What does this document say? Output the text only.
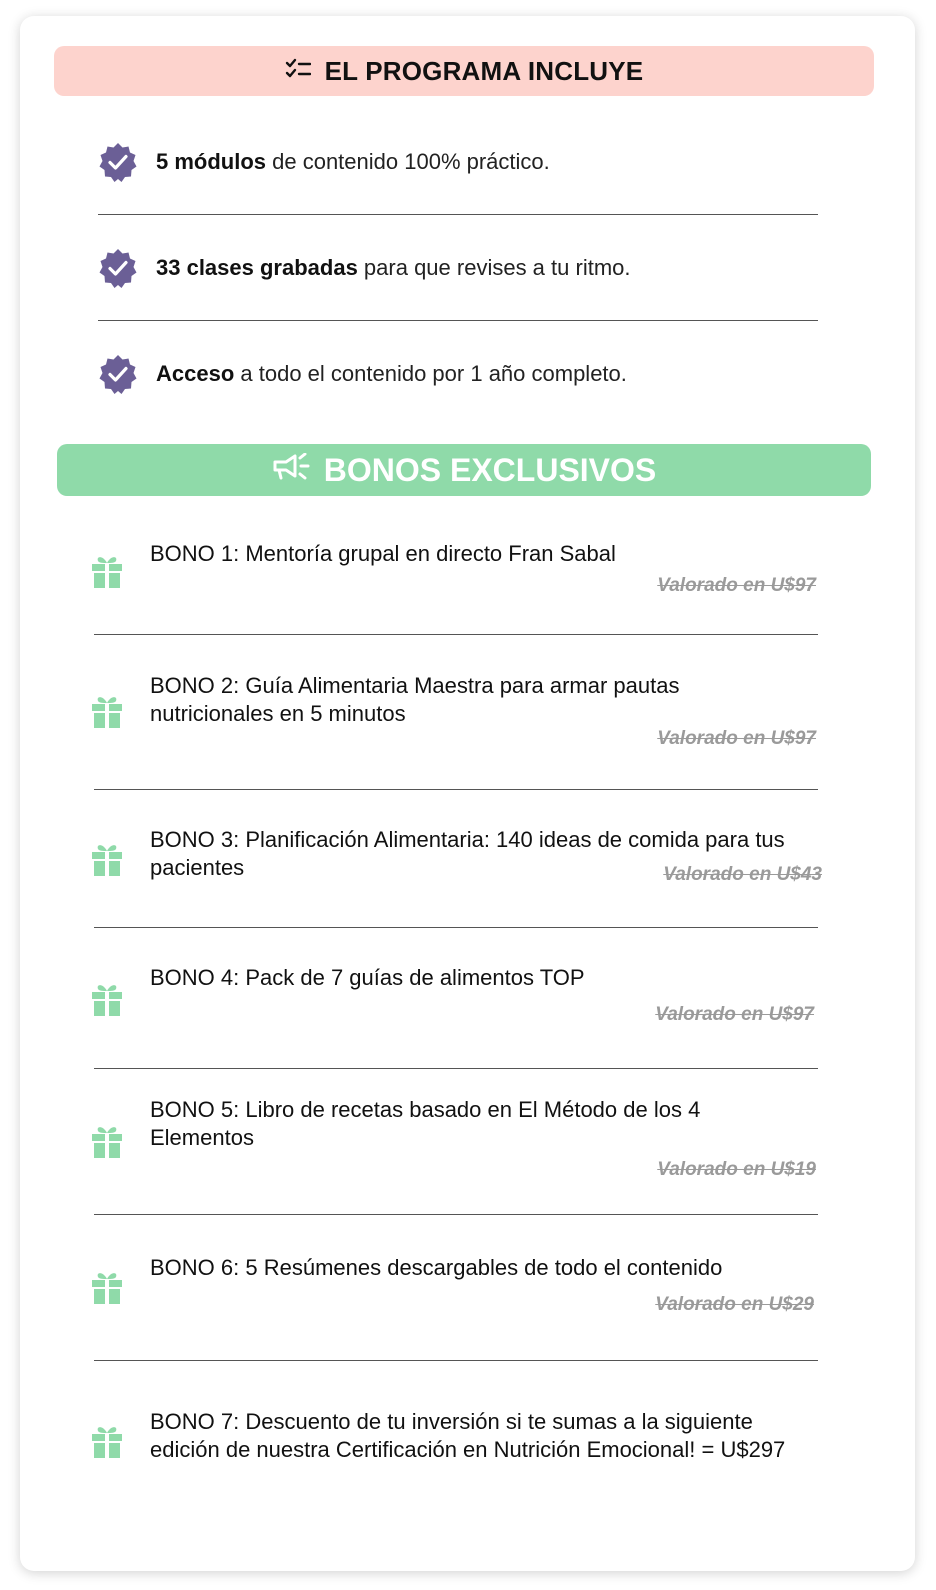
EL PROGRAMA INCLUYE
5 módulos de contenido 100% práctico.
33 clases grabadas para que revises a tu ritmo.
Acceso a todo el contenido por 1 año completo.
BONOS EXCLUSIVOS
BONO 1: Mentoría grupal en directo Fran Sabal
Valorado en U$97
BONO 2: Guía Alimentaria Maestra para armar pautas nutricionales en 5 minutos
Valorado en U$97
BONO 3: Planificación Alimentaria: 140 ideas de comida para tus pacientes	Valorado en U$43
BONO 4: Pack de 7 guías de alimentos TOP
Valorado en U$97
BONO 5: Libro de recetas basado en El Método de los 4 Elementos
Valorado en U$19
BONO 6: 5 Resúmenes descargables de todo el contenido
Valorado en U$29
BONO 7: Descuento de tu inversión si te sumas a la siguiente edición de nuestra Certificación en Nutrición Emocional! = U$297
